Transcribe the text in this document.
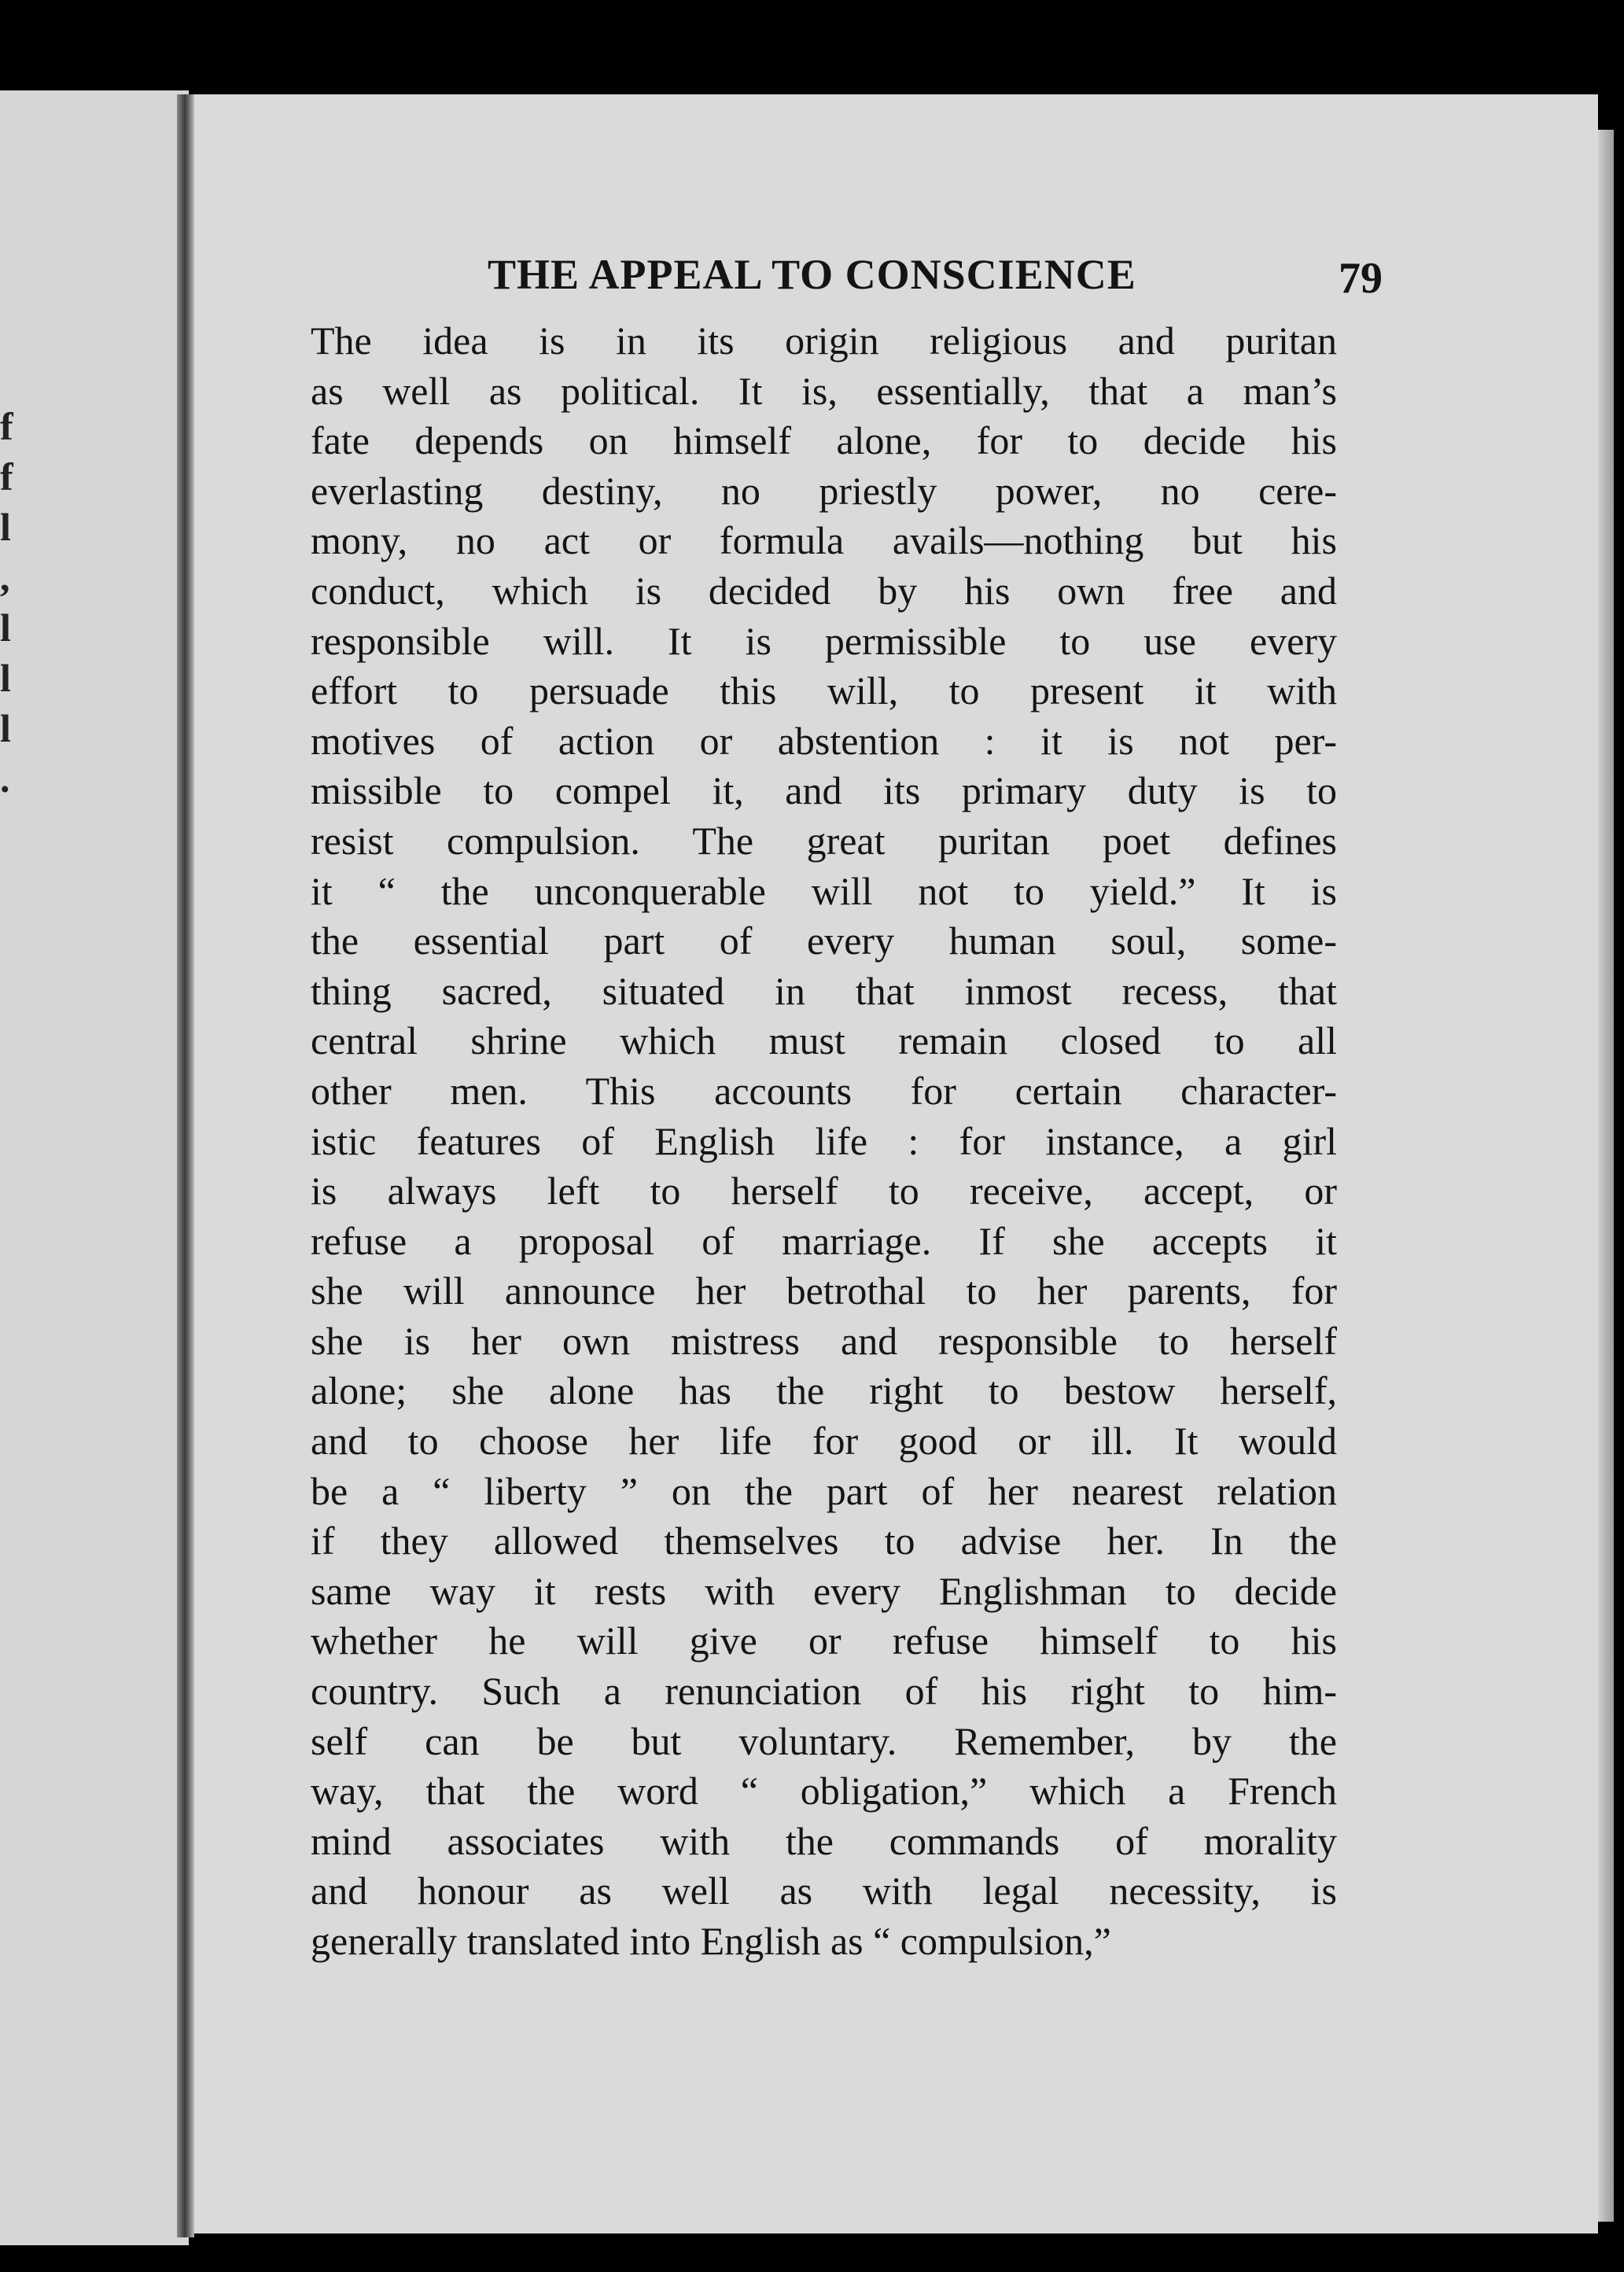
f
f
l
,
l
l
l
.
THE APPEAL TO CONSCIENCE	79
The idea is in its origin religious and puritan
as well as political. It is, essentially, that a man’s
fate depends on himself alone, for to decide his
everlasting destiny, no priestly power, no cere-
mony, no act or formula avails—nothing but his
conduct, which is decided by his own free and
responsible will. It is permissible to use every
effort to persuade this will, to present it with
motives of action or abstention : it is not per-
missible to compel it, and its primary duty is to
resist compulsion. The great puritan poet defines
it “ the unconquerable will not to yield.” It is
the essential part of every human soul, some-
thing sacred, situated in that inmost recess, that
central shrine which must remain closed to all
other men. This accounts for certain character-
istic features of English life : for instance, a girl
is always left to herself to receive, accept, or
refuse a proposal of marriage. If she accepts it
she will announce her betrothal to her parents, for
she is her own mistress and responsible to herself
alone; she alone has the right to bestow herself,
and to choose her life for good or ill. It would
be a “ liberty ” on the part of her nearest relation
if they allowed themselves to advise her. In the
same way it rests with every Englishman to decide
whether he will give or refuse himself to his
country. Such a renunciation of his right to him-
self can be but voluntary. Remember, by the
way, that the word “ obligation,” which a French
mind associates with the commands of morality
and honour as well as with legal necessity, is
generally translated into English as “ compulsion,”
